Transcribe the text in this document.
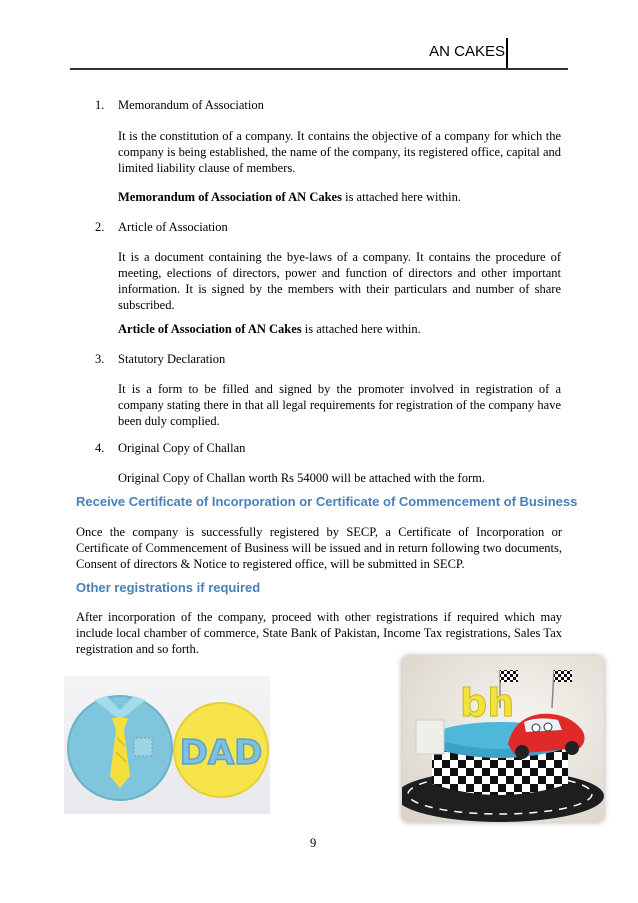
AN CAKES
1. Memorandum of Association
It is the constitution of a company. It contains the objective of a company for which the company is being established, the name of the company, its registered office, capital and limited liability clause of members.
Memorandum of Association of AN Cakes is attached here within.
2. Article of Association
It is a document containing the bye-laws of a company. It contains the procedure of meeting, elections of directors, power and function of directors and other important information. It is signed by the members with their particulars and number of share subscribed.
Article of Association of AN Cakes is attached here within.
3. Statutory Declaration
It is a form to be filled and signed by the promoter involved in registration of a company stating there in that all legal requirements for registration of the company have been duly complied.
4. Original Copy of Challan
Original Copy of Challan worth Rs 54000 will be attached with the form.
Receive Certificate of Incorporation or Certificate of Commencement of Business
Once the company is successfully registered by SECP, a Certificate of Incorporation or Certificate of Commencement of Business will be issued and in return following two documents, Consent of directors & Notice to registered office, will be submitted in SECP.
Other registrations if required
After incorporation of the company, proceed with other registrations if required which may include local chamber of commerce, State Bank of Pakistan, Income Tax registrations, Sales Tax registration and so forth.
DAD
bh
9
